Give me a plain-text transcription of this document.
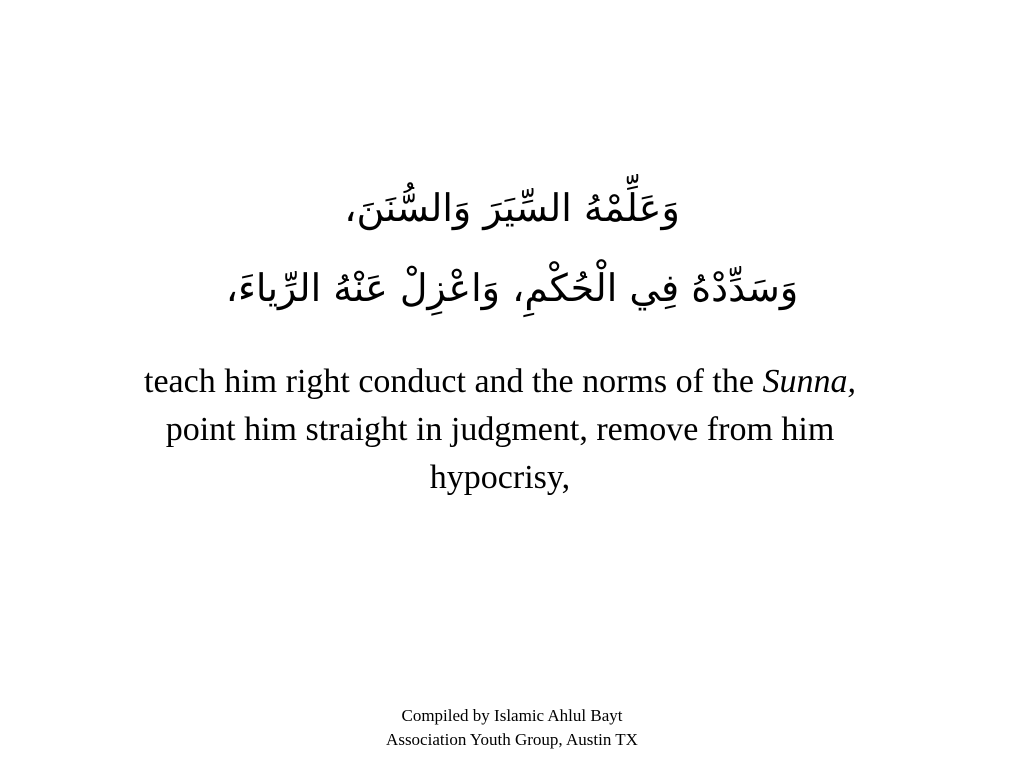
وَعَلِّمْهُ السِّيَرَ وَالسُّنَنَ،
وَسَدِّدْهُ فِي الْحُكْمِ، وَاعْزِلْ عَنْهُ الرِّياءَ،
teach him right conduct and the norms of the Sunna,
point him straight in judgment, remove from him
hypocrisy,
Compiled by Islamic Ahlul Bayt
Association Youth Group, Austin TX
